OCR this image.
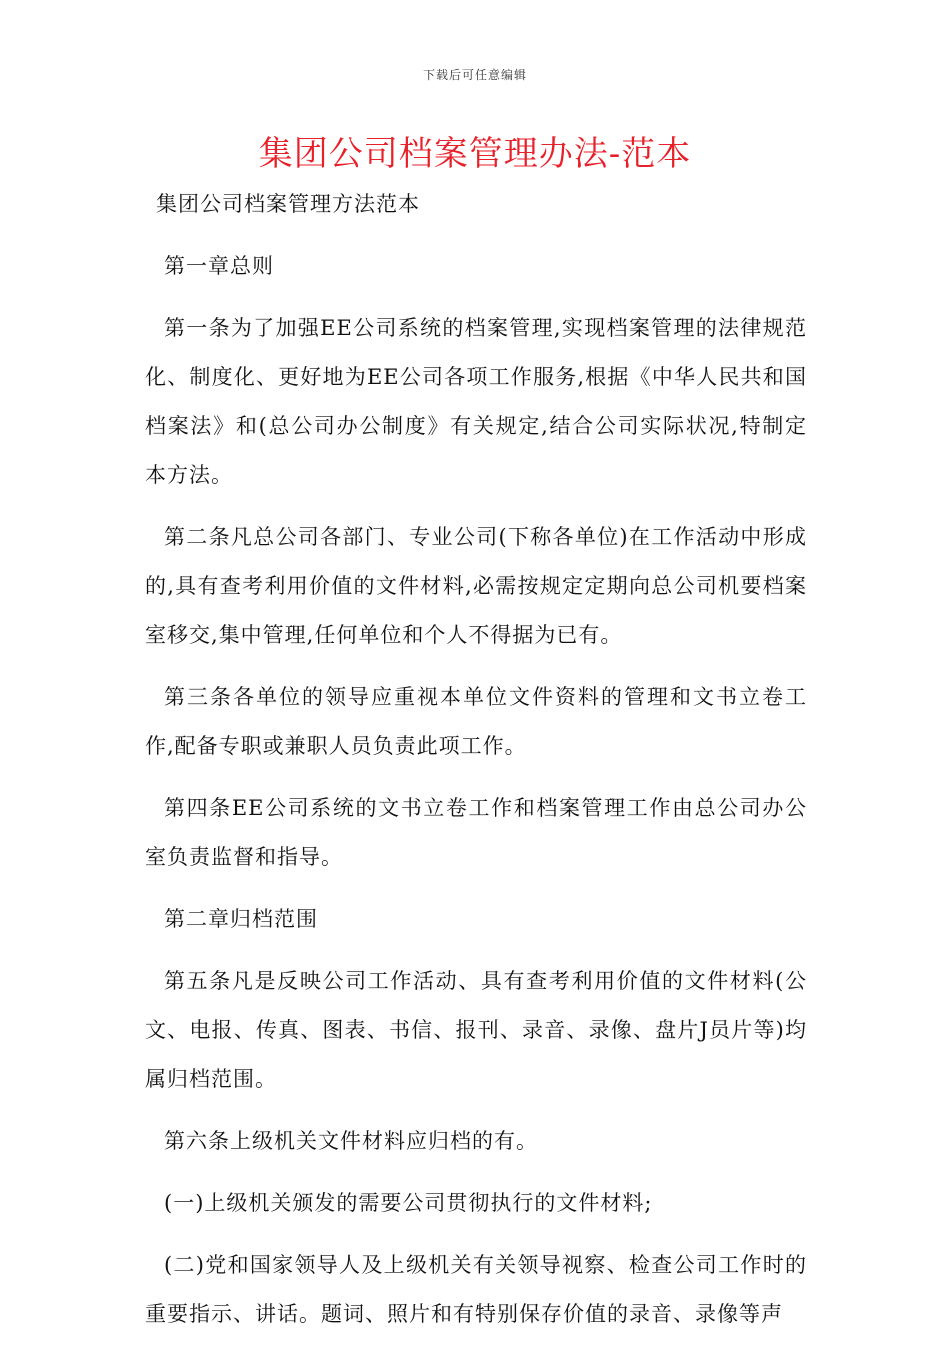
下载后可任意编辑
集团公司档案管理办法-范本

集团公司档案管理方法范本

第一章总则

第一条为了加强EE公司系统的档案管理,实现档案管理的法律规范化、制度化、更好地为EE公司各项工作服务,根据《中华人民共和国档案法》和(总公司办公制度》有关规定,结合公司实际状况,特制定本方法。

第二条凡总公司各部门、专业公司(下称各单位)在工作活动中形成的,具有查考利用价值的文件材料,必需按规定定期向总公司机要档案室移交,集中管理,任何单位和个人不得据为已有。

第三条各单位的领导应重视本单位文件资料的管理和文书立卷工作,配备专职或兼职人员负责此项工作。

第四条EE公司系统的文书立卷工作和档案管理工作由总公司办公室负责监督和指导。

第二章归档范围

第五条凡是反映公司工作活动、具有查考利用价值的文件材料(公文、电报、传真、图表、书信、报刊、录音、录像、盘片J员片等)均属归档范围。

第六条上级机关文件材料应归档的有。

(一)上级机关颁发的需要公司贯彻执行的文件材料;

(二)党和国家领导人及上级机关有关领导视察、检查公司工作时的重要指示、讲话。题词、照片和有特别保存价值的录音、录像等声
